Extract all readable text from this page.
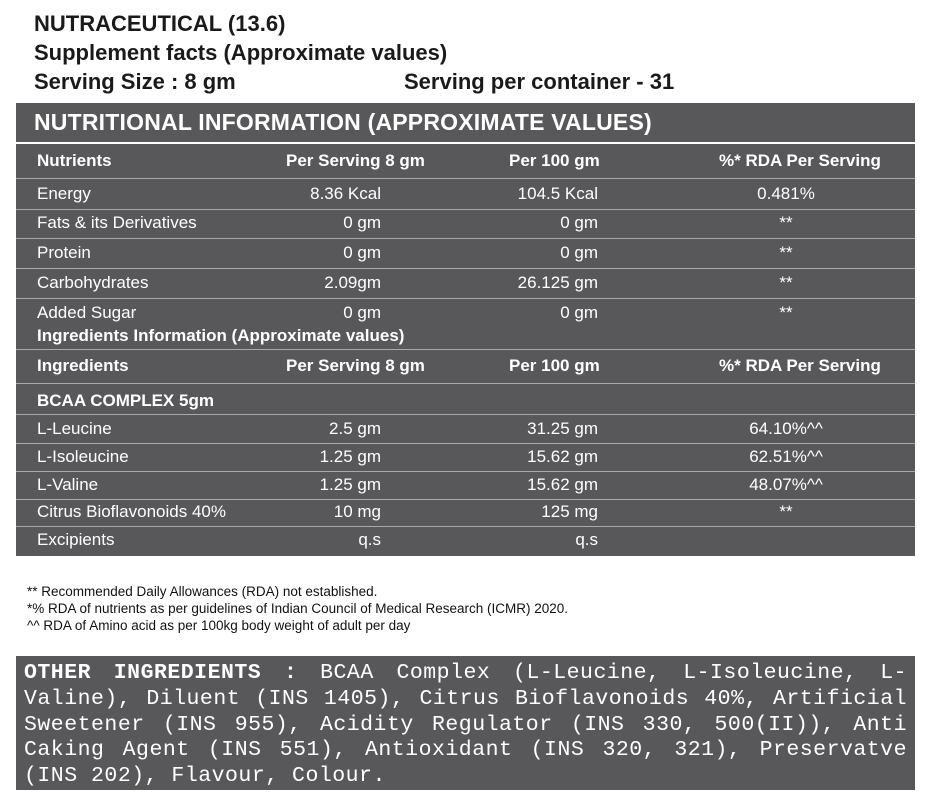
NUTRACEUTICAL (13.6)
Supplement facts (Approximate values)
Serving Size : 8 gm	Serving per container - 31
NUTRITIONAL INFORMATION (APPROXIMATE VALUES)
Nutrients	Per Serving 8 gm	Per 100 gm	%* RDA Per Serving
Energy	8.36 Kcal	104.5 Kcal	0.481%
Fats & its Derivatives	0 gm	0 gm	**
Protein	0 gm	0 gm	**
Carbohydrates	2.09gm	26.125 gm	**
Added Sugar	0 gm	0 gm	**
Ingredients Information (Approximate values)
Ingredients	Per Serving 8 gm	Per 100 gm	%* RDA Per Serving
BCAA COMPLEX 5gm
L-Leucine	2.5 gm	31.25 gm	64.10%^^
L-Isoleucine	1.25 gm	15.62 gm	62.51%^^
L-Valine	1.25 gm	15.62 gm	48.07%^^
Citrus Bioflavonoids 40%	10 mg	125 mg	**
Excipients	q.s	q.s
** Recommended Daily Allowances (RDA) not established.
*% RDA of nutrients as per guidelines of Indian Council of Medical Research (ICMR) 2020.
^^ RDA of Amino acid as per 100kg body weight of adult per day
OTHER INGREDIENTS : BCAA Complex (L-Leucine, L-Isoleucine, L-Valine), Diluent (INS 1405), Citrus Bioflavonoids 40%, Artificial Sweetener (INS 955), Acidity Regulator (INS 330, 500(II)), Anti Caking Agent (INS 551), Antioxidant (INS 320, 321), Preservatve (INS 202), Flavour, Colour.
